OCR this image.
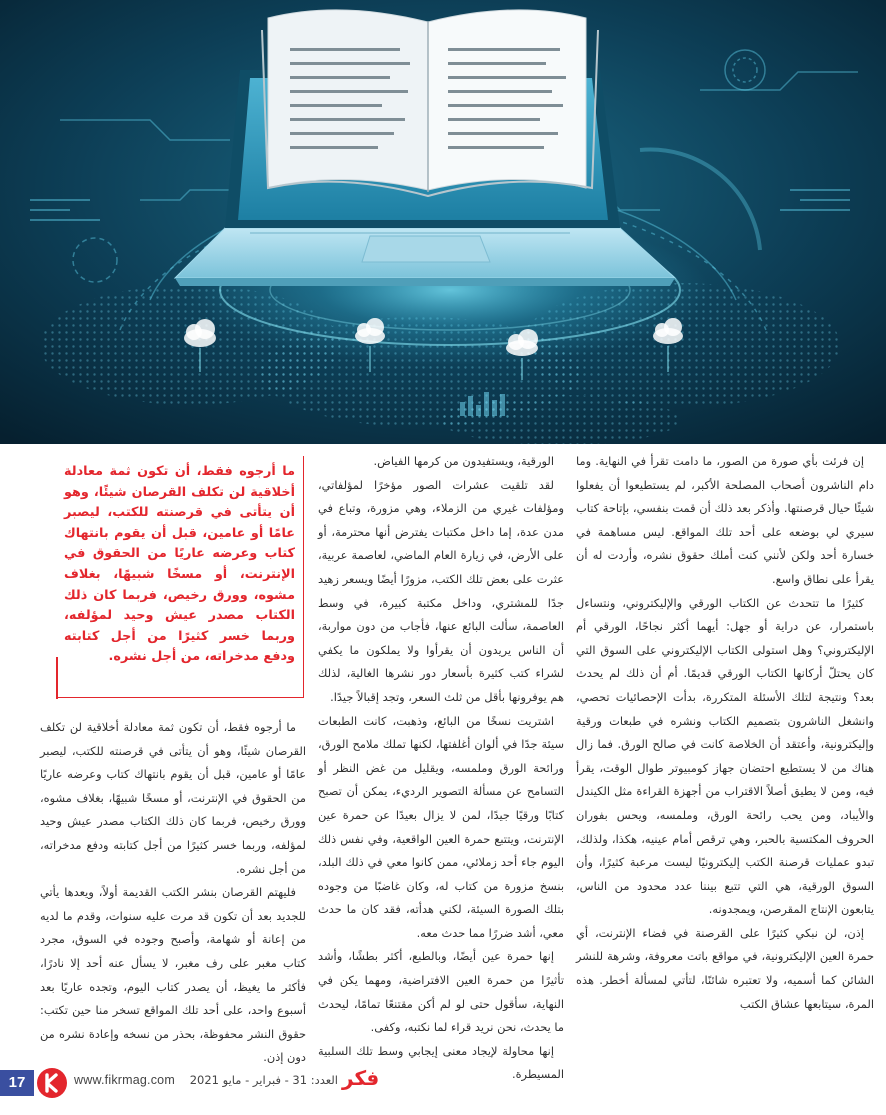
إن فرئت بأي صورة من الصور، ما دامت تقرأ في النهاية. وما دام الناشرون أصحاب المصلحة الأكبر، لم يستطيعوا أن يفعلوا شيئًا حيال قرصنتها. وأذكر بعد ذلك أن قمت بنفسي، بإتاحة كتاب سيري لي بوضعه على أحد تلك المواقع. ليس مساهمة في خسارة أحد ولكن لأنني كنت أملك حقوق نشره، وأردت له أن يقرأ على نطاق واسع.

كثيرًا ما تتحدث عن الكتاب الورقي والإليكتروني، ونتساءل باستمرار، عن دراية أو جهل: أيهما أكثر نجاحًا، الورقي أم الإليكتروني؟ وهل استولى الكتاب الإليكتروني على السوق التي كان يحتلّ أركانها الكتاب الورقي قديمًا. أم أن ذلك لم يحدث بعد؟ ونتيجة لتلك الأسئلة المتكررة، بدأت الإحصائيات تحصي، وانشغل الناشرون بتصميم الكتاب ونشره في طبعات ورقية وإليكترونية، وأعتقد أن الخلاصة كانت في صالح الورق. فما زال هناك من لا يستطيع احتضان جهاز كومبيوتر طوال الوقت، يقرأ فيه، ومن لا يطيق أصلاً الاقتراب من أجهزة القراءة مثل الكيندل والأيباد، ومن يحب رائحة الورق، وملمسه، ويحس بفوران الحروف المكتسية بالحبر، وهي ترقص أمام عينيه، هكذا، ولذلك، تبدو عمليات قرصنة الكتب إليكترونيًا ليست مرعبة كثيرًا، وأن السوق الورقية، هي التي تتبع بيننا عدد محدود من الناس، يتابعون الإنتاج المقرصن، ويمجدونه.

إذن، لن نبكي كثيرًا على القرصنة في فضاء الإنترنت، أي حمرة العين الإليكترونية، في مواقع باتت معروفة، وشرهة للنشر الشائن كما أسميه، ولا تعتبره شائنًا، لتأتي لمسألة أخطر. هذه المرة، سيتابعها عشاق الكتب

الورقية، ويستفيدون من كرمها الفياض.

لقد تلقيت عشرات الصور مؤخرًا لمؤلفاتي، ومؤلفات غيري من الزملاء، وهي مزورة، وتباع في مدن عدة، إما داخل مكتبات يفترض أنها محترمة، أو على الأرض، في زيارة العام الماضي، لعاصمة عربية، عثرت على بعض تلك الكتب، مزورًا أيضًا ويسعر زهيد جدًا للمشتري، وداخل مكتبة كبيرة، في وسط العاصمة، سألت البائع عنها، فأجاب من دون مواربة، أن الناس يريدون أن يقرأوا ولا يملكون ما يكفي لشراء كتب كثيرة بأسعار دور نشرها الغالية، لذلك هم يوفرونها بأقل من ثلث السعر، وتجد إقبالاً جيدًا.

اشتريت نسخًا من البائع، وذهبت، كانت الطبعات سيئة جدًا في ألوان أغلفتها، لكنها تملك ملامح الورق، ورائحة الورق وملمسه، ويقليل من غض النظر أو التسامح عن مسألة التصوير الرديء، يمكن أن تصبح كتابًا ورقيًا جيدًا، لمن لا يزال بعيدًا عن حمرة عين الإنترنت، ويتتبع حمرة العين الواقعية، وفي نفس ذلك اليوم جاء أحد زملائي، ممن كانوا معي في ذلك البلد، بنسخ مزورة من كتاب له، وكان غاضبًا من وجوده بتلك الصورة السيئة، لكني هدأته، فقد كان ما حدث معي، أشد ضررًا مما حدث معه.

إنها حمرة عين أيضًا، وبالطبع، أكثر بطشًا، وأشد تأثيرًا من حمرة العين الافتراضية، ومهما يكن في النهاية، سأقول حتى لو لم أكن مقتنعًا تمامًا، ليحدث ما يحدث، نحن نريد قراء لما نكتبه، وكفى.

إنها محاولة لإيجاد معنى إيجابي وسط تلك السلبية المسيطرة.

ما أرجوه فقط، أن تكون ثمة معادلة أخلاقية لن تكلف القرصان شيئًا، وهو أن يتأتى في قرصنته للكتب، ليصبر عامًا أو عامين، قبل أن يقوم بانتهاك كتاب وعرضه عاريًا من الحقوق في الإنترنت، أو مسخًا شبيهًا، بغلاف مشوه، وورق رخيص، فربما كان ذلك الكتاب مصدر عيش وحيد لمؤلفه، وربما خسر كثيرًا من أجل كتابته ودفع مدخراته، من أجل نشره.

ما أرجوه فقط، أن تكون ثمة معادلة أخلاقية لن تكلف القرصان شيئًا، وهو أن يتأتى في قرصنته للكتب، ليصبر عامًا أو عامين، قبل أن يقوم بانتهاك كتاب وعرضه عاريًا من الحقوق في الإنترنت، أو مسخًا شبيهًا، بغلاف مشوه، وورق رخيص، فربما كان ذلك الكتاب مصدر عيش وحيد لمؤلفه، وربما خسر كثيرًا من أجل كتابته ودفع مدخراته، من أجل نشره.

فليهتم القرصان بنشر الكتب القديمة أولاً، ويعدها يأتي للجديد بعد أن تكون قد مرت عليه سنوات، وقدم ما لديه من إعانة أو شهامة، وأصبح وجوده في السوق، مجرد كتاب مغبر على رف مغبر، لا يسأل عنه أحد إلا نادرًا، فأكثر ما يغيظ، أن يصدر كتاب اليوم، وتجده عاريًا بعد أسبوع واحد، على أحد تلك المواقع تسخر منا حين تكتب: حقوق النشر محفوظة، بحذر من نسخه وإعادة نشره من دون إذن.

17	www.fikrmag.com	العدد: 31 - فبراير - مايو 2021	فكر
